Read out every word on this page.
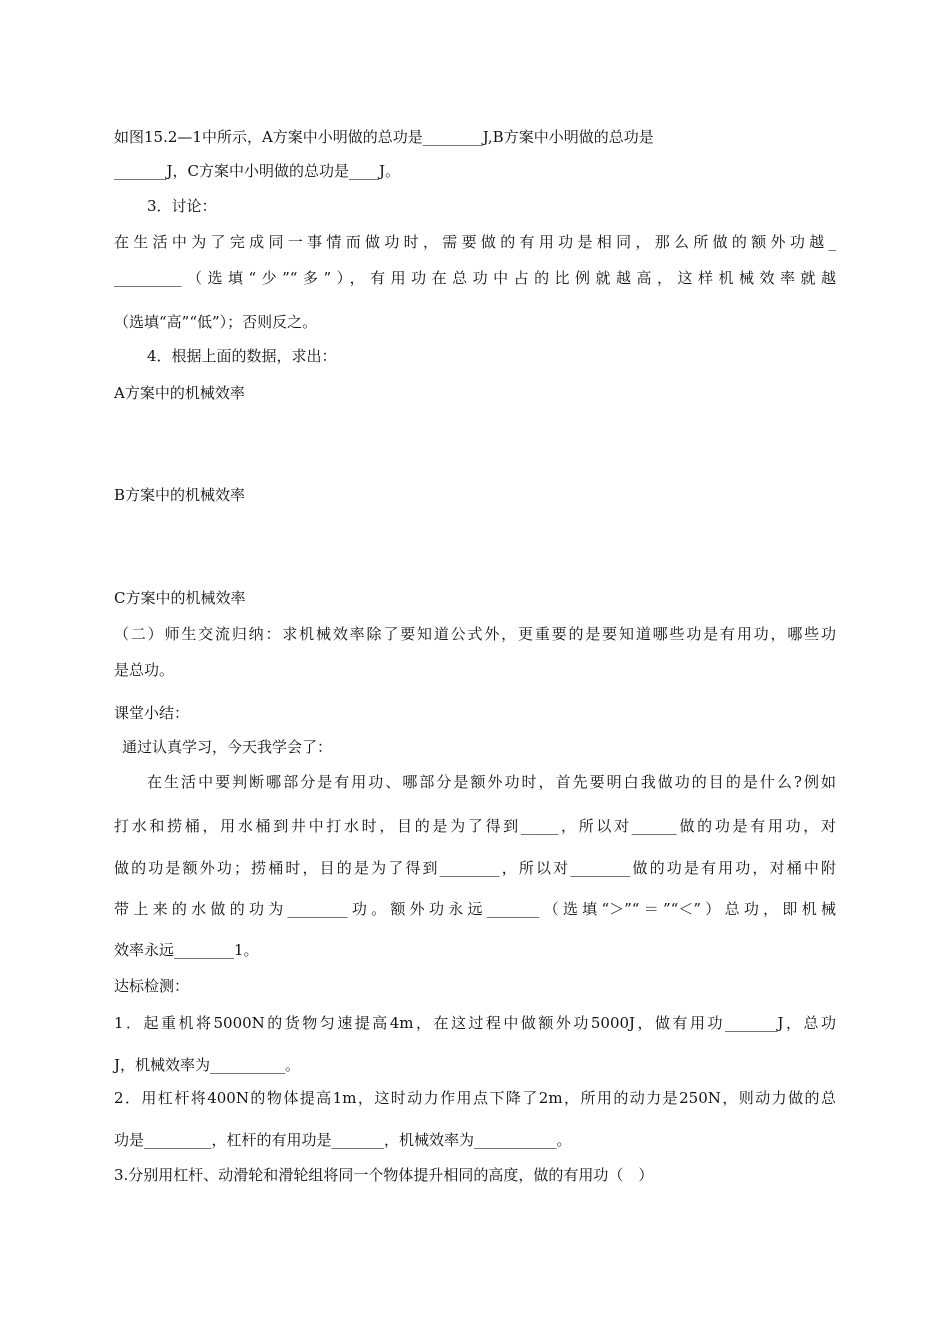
如图15.2—1中所示，A方案中小明做的总功是________J,B方案中小明做的总功是
_______J，C方案中小明做的总功是____J。
3．讨论：
在生活中为了完成同一事情而做功时，需要做的有用功是相同，那么所做的额外功越_
_________（选填“少”“多”），有用功在总功中占的比例就越高，这样机械效率就越
（选填“高”“低”）；否则反之。
4．根据上面的数据，求出：
A方案中的机械效率
B方案中的机械效率
C方案中的机械效率
（二）师生交流归纳：求机械效率除了要知道公式外，更重要的是要知道哪些功是有用功，哪些功
是总功。
课堂小结：
通过认真学习，今天我学会了：
在生活中要判断哪部分是有用功、哪部分是额外功时，首先要明白我做功的目的是什么?例如
打水和捞桶，用水桶到井中打水时，目的是为了得到_____，所以对______做的功是有用功，对
做的功是额外功；捞桶时，目的是为了得到________，所以对________做的功是有用功，对桶中附
带上来的水做的功为________功。额外功永远_______（选填“＞”“＝”“＜”）总功，即机械
效率永远________1。
达标检测：
1．起重机将5000N的货物匀速提高4m，在这过程中做额外功5000J，做有用功_______J，总功
J，机械效率为__________。
2．用杠杆将400N的物体提高1m，这时动力作用点下降了2m，所用的动力是250N，则动力做的总
功是_________，杠杆的有用功是_______，机械效率为___________。
3.分别用杠杆、动滑轮和滑轮组将同一个物体提升相同的高度，做的有用功（　）
